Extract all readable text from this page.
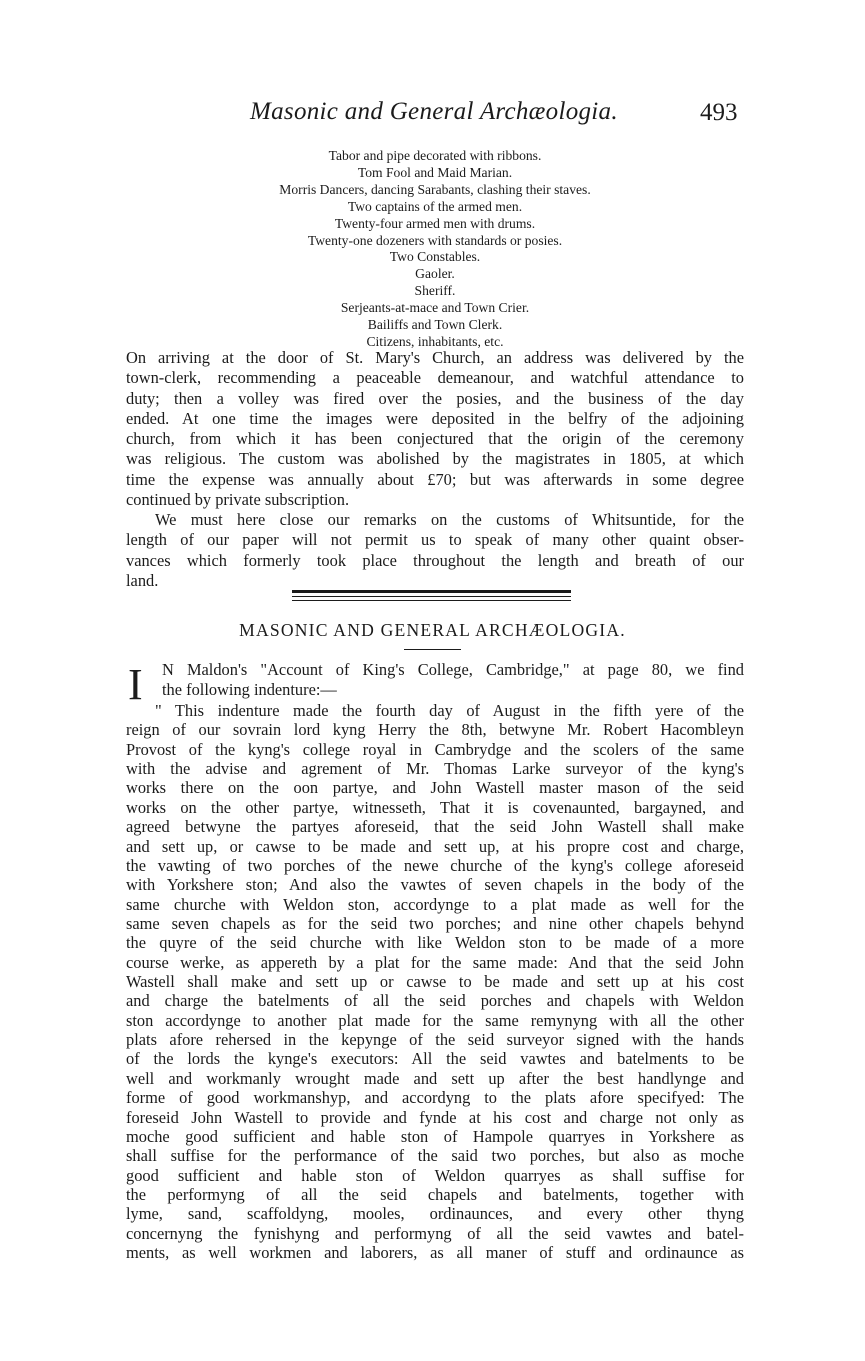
Masonic and General Archæologia.	493
Tabor and pipe decorated with ribbons.
Tom Fool and Maid Marian.
Morris Dancers, dancing Sarabants, clashing their staves.
Two captains of the armed men.
Twenty-four armed men with drums.
Twenty-one dozeners with standards or posies.
Two Constables.
Gaoler.
Sheriff.
Serjeants-at-mace and Town Crier.
Bailiffs and Town Clerk.
Citizens, inhabitants, etc.

On arriving at the door of St. Mary's Church, an address was delivered by the
town-clerk, recommending a peaceable demeanour, and watchful attendance to
duty; then a volley was fired over the posies, and the business of the day
ended. At one time the images were deposited in the belfry of the adjoining
church, from which it has been conjectured that the origin of the ceremony
was religious. The custom was abolished by the magistrates in 1805, at which
time the expense was annually about £70; but was afterwards in some degree
continued by private subscription.

We must here close our remarks on the customs of Whitsuntide, for the
length of our paper will not permit us to speak of many other quaint obser-
vances which formerly took place throughout the length and breath of our
land.

MASONIC AND GENERAL ARCHÆOLOGIA.
I	N Maldon's "Account of King's College, Cambridge," at page 80, we find
the following indenture:—

" This indenture made the fourth day of August in the fifth yere of the
reign of our sovrain lord kyng Herry the 8th, betwyne Mr. Robert Hacombleyn
Provost of the kyng's college royal in Cambrydge and the scolers of the same
with the advise and agrement of Mr. Thomas Larke surveyor of the kyng's
works there on the oon partye, and John Wastell master mason of the seid
works on the other partye, witnesseth, That it is covenaunted, bargayned, and
agreed betwyne the partyes aforeseid, that the seid John Wastell shall make
and sett up, or cawse to be made and sett up, at his propre cost and charge,
the vawting of two porches of the newe churche of the kyng's college aforeseid
with Yorkshere ston; And also the vawtes of seven chapels in the body of the
same churche with Weldon ston, accordynge to a plat made as well for the
same seven chapels as for the seid two porches; and nine other chapels behynd
the quyre of the seid churche with like Weldon ston to be made of a more
course werke, as appereth by a plat for the same made: And that the seid John
Wastell shall make and sett up or cawse to be made and sett up at his cost
and charge the batelments of all the seid porches and chapels with Weldon
ston accordynge to another plat made for the same remynyng with all the other
plats afore rehersed in the kepynge of the seid surveyor signed with the hands
of the lords the kynge's executors: All the seid vawtes and batelments to be
well and workmanly wrought made and sett up after the best handlynge and
forme of good workmanshyp, and accordyng to the plats afore specifyed: The
foreseid John Wastell to provide and fynde at his cost and charge not only as
moche good sufficient and hable ston of Hampole quarryes in Yorkshere as
shall suffise for the performance of the said two porches, but also as moche
good sufficient and hable ston of Weldon quarryes as shall suffise for
the performyng of all the seid chapels and batelments, together with
lyme, sand, scaffoldyng, mooles, ordinaunces, and every other thyng
concernyng the fynishyng and performyng of all the seid vawtes and batel-
ments, as well workmen and laborers, as all maner of stuff and ordinaunce as
